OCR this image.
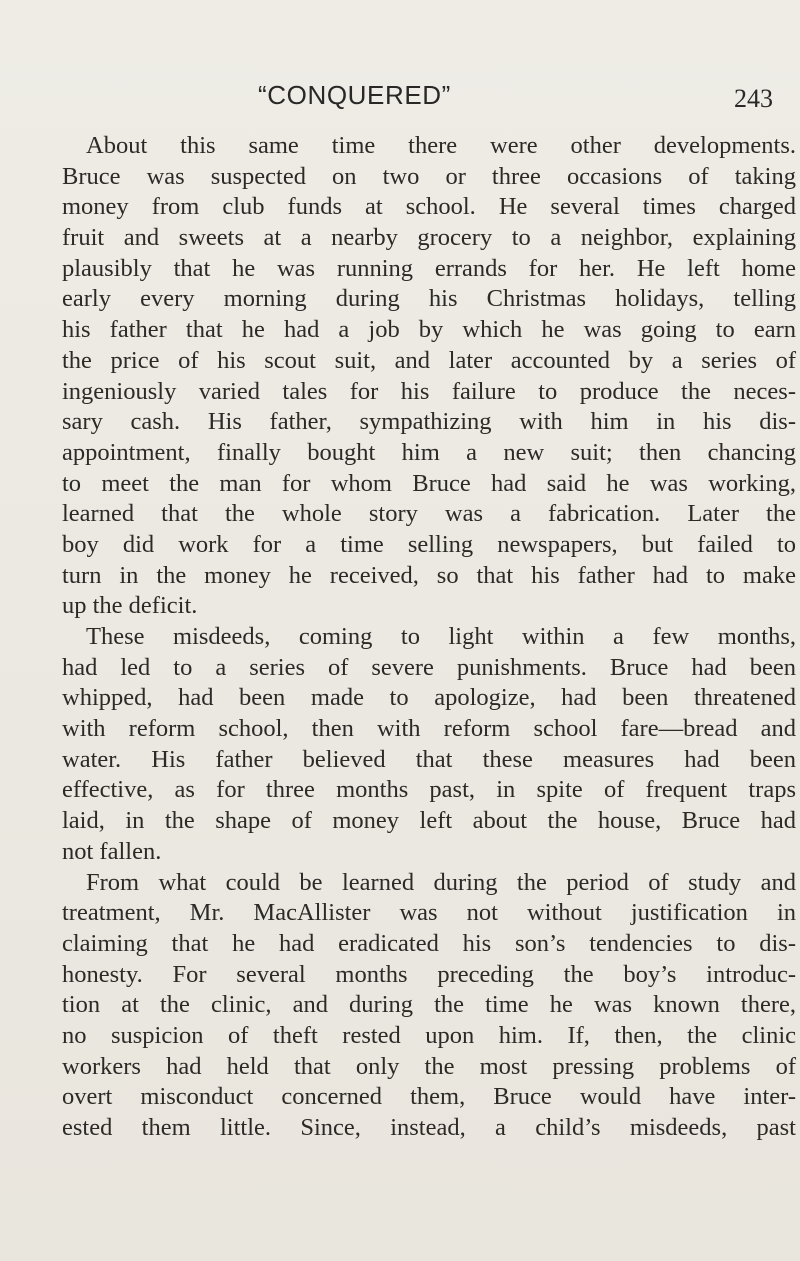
“CONQUERED”	243
About this same time there were other developments.
Bruce was suspected on two or three occasions of taking
money from club funds at school. He several times charged
fruit and sweets at a nearby grocery to a neighbor, explaining
plausibly that he was running errands for her. He left home
early every morning during his Christmas holidays, telling
his father that he had a job by which he was going to earn
the price of his scout suit, and later accounted by a series of
ingeniously varied tales for his failure to produce the neces-
sary cash. His father, sympathizing with him in his dis-
appointment, finally bought him a new suit; then chancing
to meet the man for whom Bruce had said he was working,
learned that the whole story was a fabrication. Later the
boy did work for a time selling newspapers, but failed to
turn in the money he received, so that his father had to make
up the deficit.
These misdeeds, coming to light within a few months,
had led to a series of severe punishments. Bruce had been
whipped, had been made to apologize, had been threatened
with reform school, then with reform school fare—bread and
water. His father believed that these measures had been
effective, as for three months past, in spite of frequent traps
laid, in the shape of money left about the house, Bruce had
not fallen.
From what could be learned during the period of study and
treatment, Mr. MacAllister was not without justification in
claiming that he had eradicated his son’s tendencies to dis-
honesty. For several months preceding the boy’s introduc-
tion at the clinic, and during the time he was known there,
no suspicion of theft rested upon him. If, then, the clinic
workers had held that only the most pressing problems of
overt misconduct concerned them, Bruce would have inter-
ested them little. Since, instead, a child’s misdeeds, past
